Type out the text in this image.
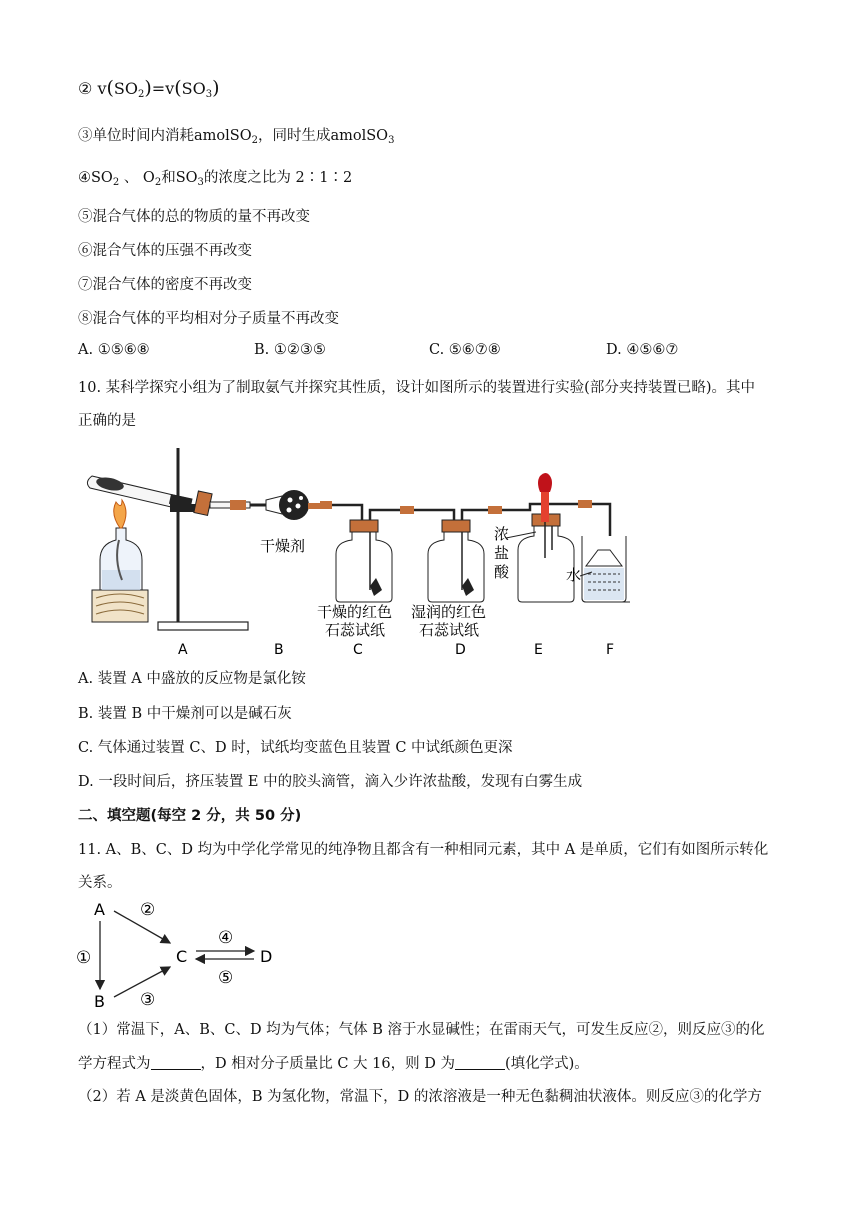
② $v(SO_2)=v(SO_3)$
③单位时间内消耗amolSO$_2$，同时生成amolSO$_3$
$④SO_2$ 、 $O_2$和$SO_3$的浓度之比为 2∶1∶2
⑤混合气体的总的物质的量不再改变
⑥混合气体的压强不再改变
⑦混合气体的密度不再改变
⑧混合气体的平均相对分子质量不再改变
A. ①⑤⑥⑧	B. ①②③⑤	C. ⑤⑥⑦⑧	D. ④⑤⑥⑦
10. 某科学探究小组为了制取氨气并探究其性质，设计如图所示的装置进行实验(部分夹持装置已略)。其中
正确的是
干燥剂
干燥的红色
石蕊试纸
湿润的红色
石蕊试纸
浓
盐
酸	水
A	B	C	D	E	F
A. 装置 A 中盛放的反应物是氯化铵
B. 装置 B 中干燥剂可以是碱石灰
C. 气体通过装置 C、D 时，试纸均变蓝色且装置 C 中试纸颜色更深
D. 一段时间后，挤压装置 E 中的胶头滴管，滴入少许浓盐酸，发现有白雾生成
二、填空题(每空 2 分，共 50 分)
11. A、B、C、D 均为中学化学常见的纯净物且都含有一种相同元素，其中 A 是单质，它们有如图所示转化
关系。
A
B
C	D
①
②
③
④
⑤
（1）常温下，A、B、C、D 均为气体；气体 B 溶于水显碱性；在雷雨天气，可发生反应②，则反应③的化
学方程式为	，D 相对分子质量比 C 大 16，则 D 为	(填化学式)。
（2）若 A 是淡黄色固体，B 为氢化物，常温下，D 的浓溶液是一种无色黏稠油状液体。则反应③的化学方
